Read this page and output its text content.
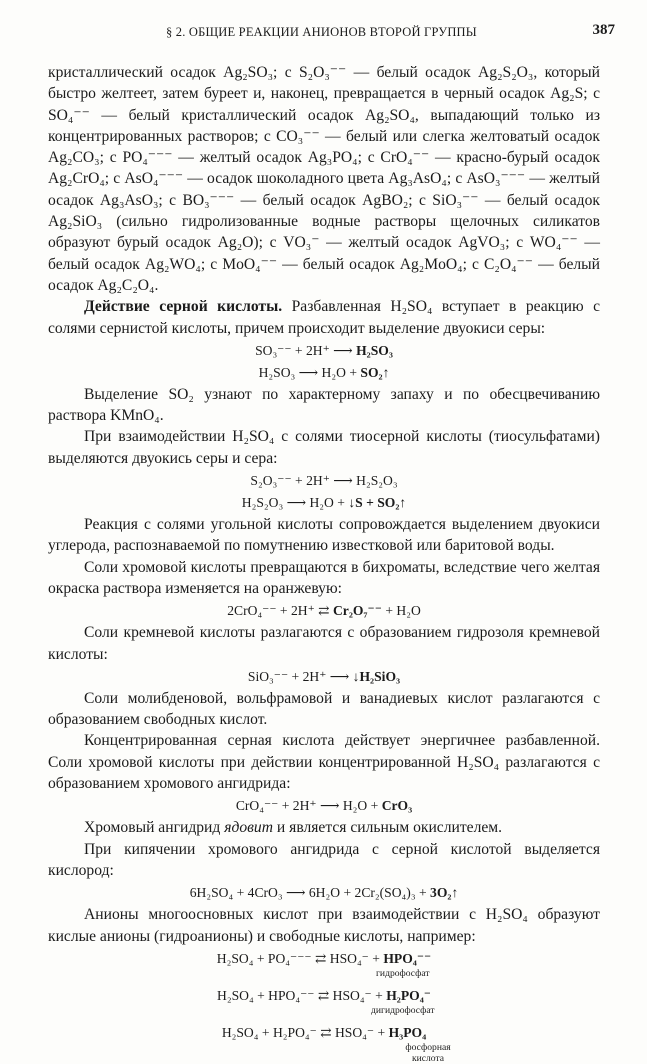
§ 2. ОБЩИЕ РЕАКЦИИ АНИОНОВ ВТОРОЙ ГРУППЫ	387

кристаллический осадок Ag₂SO₃; с S₂O₃⁻⁻ — белый осадок Ag₂S₂O₃, который быстро желтеет, затем буреет и, наконец, превращается в черный осадок Ag₂S; с SO₄⁻⁻ — белый кристаллический осадок Ag₂SO₄, выпадающий только из концентрированных растворов; с CO₃⁻⁻ — белый или слегка желтоватый осадок Ag₂CO₃; с PO₄⁻⁻⁻ — желтый осадок Ag₃PO₄; с CrO₄⁻⁻ — красно-бурый осадок Ag₂CrO₄; с AsO₄⁻⁻⁻ — осадок шоколадного цвета Ag₃AsO₄; с AsO₃⁻⁻⁻ — желтый осадок Ag₃AsO₃; с BO₃⁻⁻⁻ — белый осадок AgBO₂; с SiO₃⁻⁻ — белый осадок Ag₂SiO₃ (сильно гидролизованные водные растворы щелочных силикатов образуют бурый осадок Ag₂O); с VO₃⁻ — желтый осадок AgVO₃; с WO₄⁻⁻ — белый осадок Ag₂WO₄; с MoO₄⁻⁻ — белый осадок Ag₂MoO₄; с C₂O₄⁻⁻ — белый осадок Ag₂C₂O₄.

Действие серной кислоты. Разбавленная H₂SO₄ вступает в реакцию с солями сернистой кислоты, причем происходит выделение двуокиси серы:

SO₃⁻⁻ + 2H⁺ ⟶ H₂SO₃
H₂SO₃ ⟶ H₂O + SO₂↑

Выделение SO₂ узнают по характерному запаху и по обесцвечиванию раствора KMnO₄.

При взаимодействии H₂SO₄ с солями тиосерной кислоты (тиосульфатами) выделяются двуокись серы и сера:

S₂O₃⁻⁻ + 2H⁺ ⟶ H₂S₂O₃
H₂S₂O₃ ⟶ H₂O + ↓S + SO₂↑

Реакция с солями угольной кислоты сопровождается выделением двуокиси углерода, распознаваемой по помутнению известковой или баритовой воды.

Соли хромовой кислоты превращаются в бихроматы, вследствие чего желтая окраска раствора изменяется на оранжевую:

2CrO₄⁻⁻ + 2H⁺ ⇄ Cr₂O₇⁻⁻ + H₂O

Соли кремневой кислоты разлагаются с образованием гидрозоля кремневой кислоты:

SiO₃⁻⁻ + 2H⁺ ⟶ ↓H₂SiO₃

Соли молибденовой, вольфрамовой и ванадиевых кислот разлагаются с образованием свободных кислот.

Концентрированная серная кислота действует энергичнее разбавленной. Соли хромовой кислоты при действии концентрированной H₂SO₄ разлагаются с образованием хромового ангидрида:

CrO₄⁻⁻ + 2H⁺ ⟶ H₂O + CrO₃

Хромовый ангидрид ядовит и является сильным окислителем.

При кипячении хромового ангидрида с серной кислотой выделяется кислород:

6H₂SO₄ + 4CrO₃ ⟶ 6H₂O + 2Cr₂(SO₄)₃ + 3O₂↑

Анионы многоосновных кислот при взаимодействии с H₂SO₄ образуют кислые анионы (гидроанионы) и свободные кислоты, например:

H₂SO₄ + PO₄⁻⁻⁻ ⇄ HSO₄⁻ + HPO₄⁻⁻
гидрофосфат
H₂SO₄ + HPO₄⁻⁻ ⇄ HSO₄⁻ + H₂PO₄⁻
дигидрофосфат
H₂SO₄ + H₂PO₄⁻ ⇄ HSO₄⁻ + H₃PO₄
фосфорная кислота
